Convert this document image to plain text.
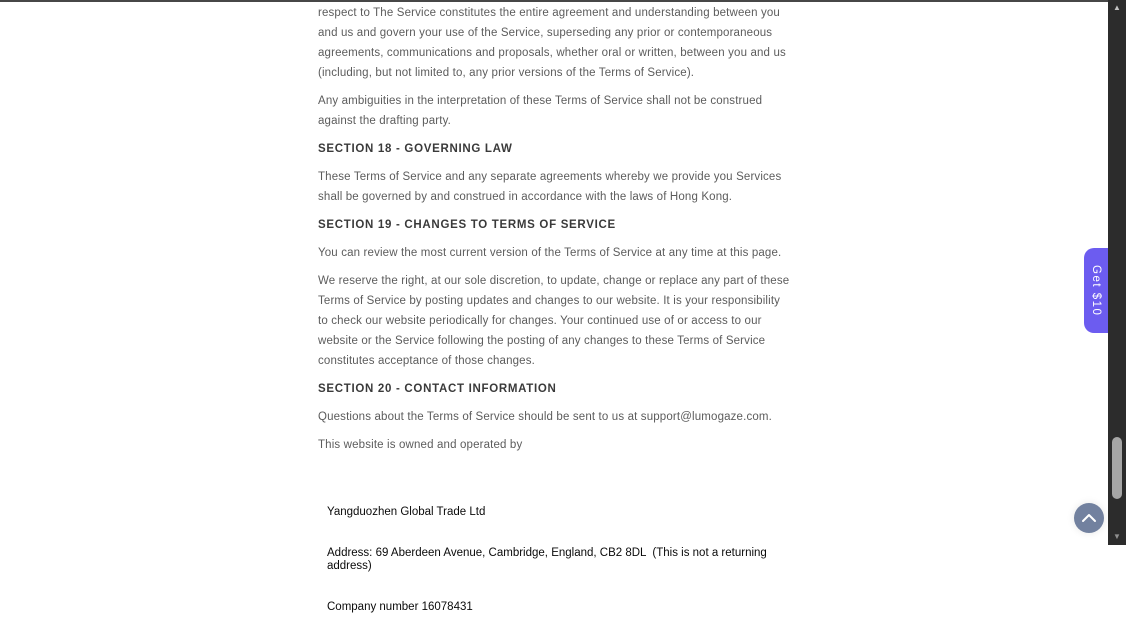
respect to The Service constitutes the entire agreement and understanding between you and us and govern your use of the Service, superseding any prior or contemporaneous agreements, communications and proposals, whether oral or written, between you and us (including, but not limited to, any prior versions of the Terms of Service).

Any ambiguities in the interpretation of these Terms of Service shall not be construed against the drafting party.

SECTION 18 - GOVERNING LAW

These Terms of Service and any separate agreements whereby we provide you Services shall be governed by and construed in accordance with the laws of Hong Kong.

SECTION 19 - CHANGES TO TERMS OF SERVICE

You can review the most current version of the Terms of Service at any time at this page.

We reserve the right, at our sole discretion, to update, change or replace any part of these Terms of Service by posting updates and changes to our website. It is your responsibility to check our website periodically for changes. Your continued use of or access to our website or the Service following the posting of any changes to these Terms of Service constitutes acceptance of those changes.

SECTION 20 - CONTACT INFORMATION

Questions about the Terms of Service should be sent to us at support@lumogaze.com.

This website is owned and operated by

Yangduozhen Global Trade Ltd

Address: 69 Aberdeen Avenue, Cambridge, England, CB2 8DL  (This is not a returning address)

Company number 16078431

Get $10
▲
▼
